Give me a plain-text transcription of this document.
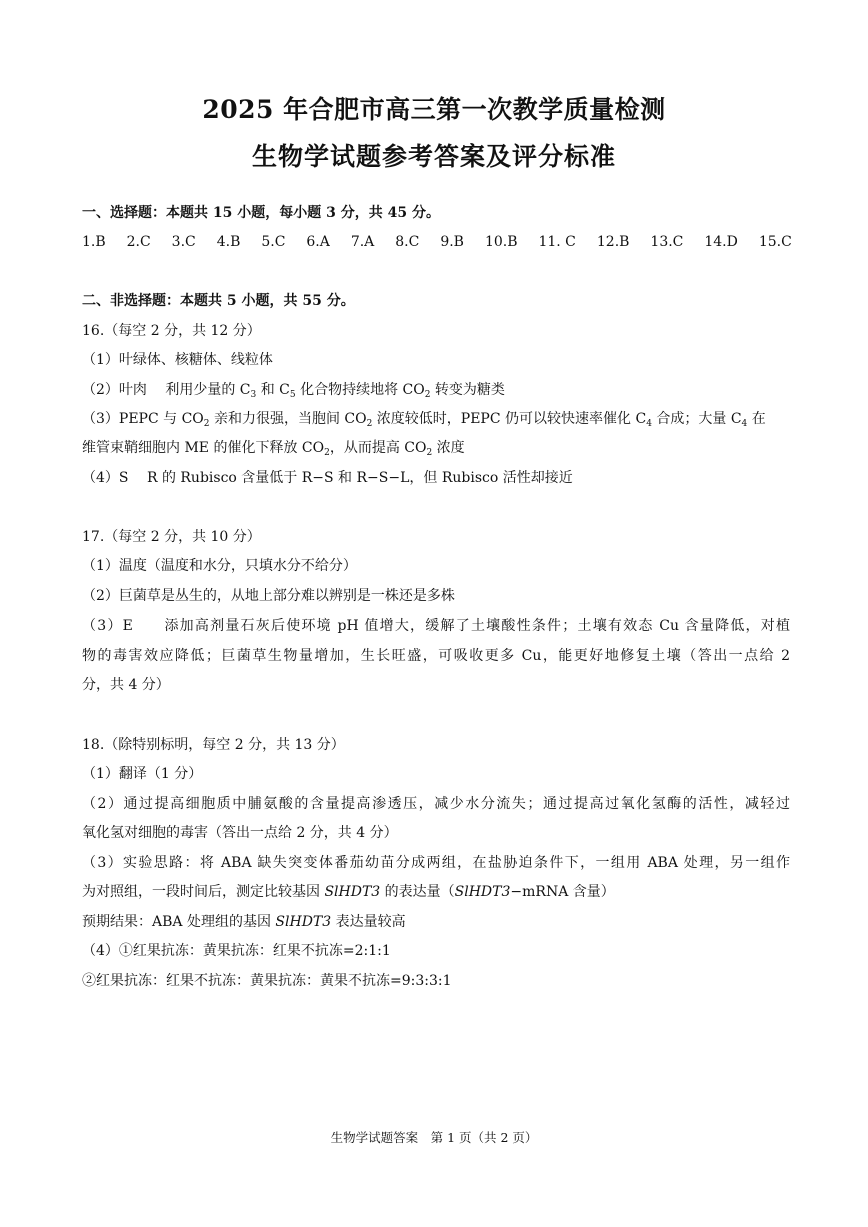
2025 年合肥市高三第一次教学质量检测
生物学试题参考答案及评分标准
一、选择题：本题共 15 小题，每小题 3 分，共 45 分。
1.B 2.C 3.C 4.B 5.C 6.A 7.A 8.C 9.B 10.B 11. C 12.B 13.C 14.D 15.C
二、非选择题：本题共 5 小题，共 55 分。
16.（每空 2 分，共 12 分）
（1）叶绿体、核糖体、线粒体
（2）叶肉　 利用少量的 $C_3$ 和 $C_5$ 化合物持续地将 $CO_2$ 转变为糖类
（3）PEPC 与 $CO_2$ 亲和力很强，当胞间 $CO_2$ 浓度较低时，PEPC 仍可以较快速率催化 $C_4$ 合成；大量 $C_4$ 在
维管束鞘细胞内 ME 的催化下释放 $CO_2$，从而提高 $CO_2$ 浓度
（4）S　 R 的 Rubisco 含量低于 R−S 和 R−S−L，但 Rubisco 活性却接近
17.（每空 2 分，共 10 分）
（1）温度（温度和水分，只填水分不给分）
（2）巨菌草是丛生的，从地上部分难以辨别是一株还是多株
（3）E　　添加高剂量石灰后使环境 pH 值增大，缓解了土壤酸性条件；土壤有效态 Cu 含量降低，对植
物的毒害效应降低；巨菌草生物量增加，生长旺盛，可吸收更多 Cu，能更好地修复土壤（答出一点给 2
分，共 4 分）
18.（除特别标明，每空 2 分，共 13 分）
（1）翻译（1 分）
（2）通过提高细胞质中脯氨酸的含量提高渗透压，减少水分流失；通过提高过氧化氢酶的活性，减轻过
氧化氢对细胞的毒害（答出一点给 2 分，共 4 分）
（3）实验思路：将 ABA 缺失突变体番茄幼苗分成两组，在盐胁迫条件下，一组用 ABA 处理，另一组作
为对照组，一段时间后，测定比较基因 SlHDT3 的表达量（SlHDT3−mRNA 含量）
预期结果：ABA 处理组的基因 SlHDT3 表达量较高
（4）①红果抗冻：黄果抗冻：红果不抗冻=2:1:1
②红果抗冻：红果不抗冻：黄果抗冻：黄果不抗冻=9:3:3:1
生物学试题答案　第 1 页（共 2 页）
